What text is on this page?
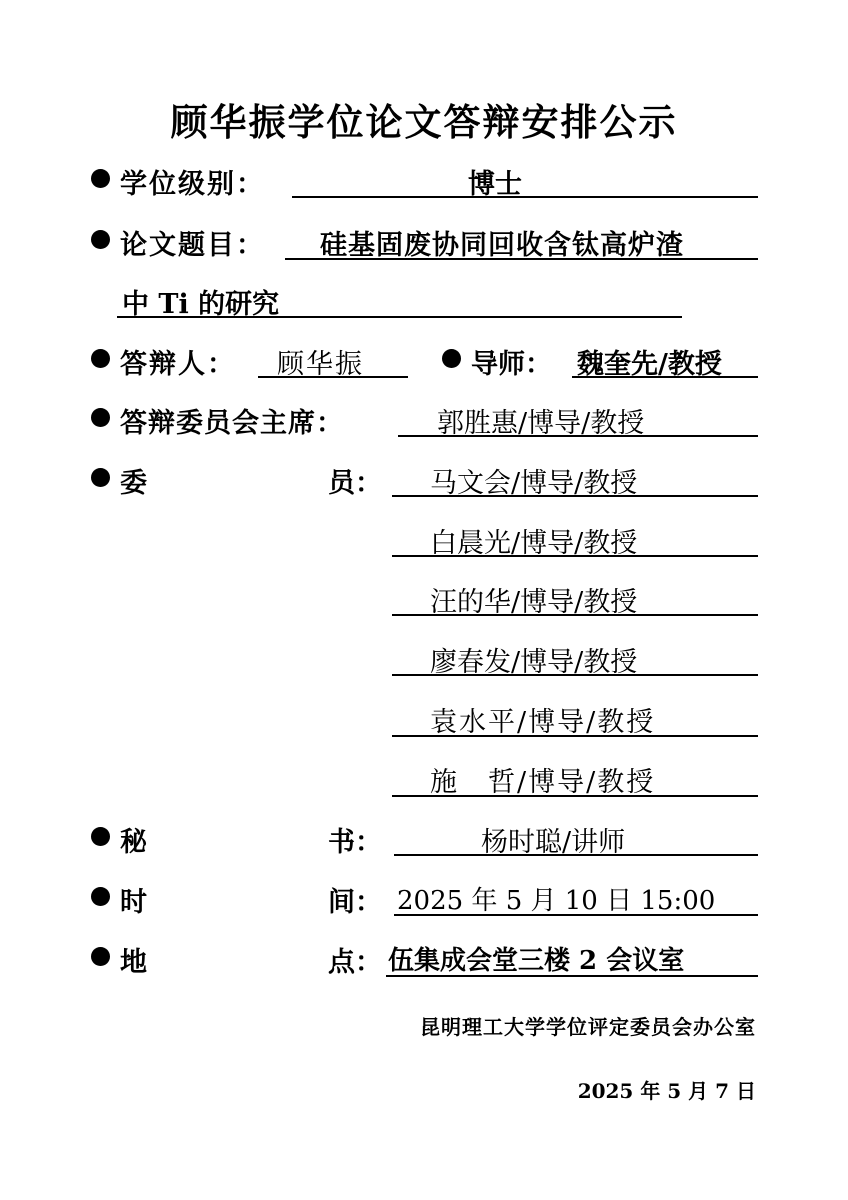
顾华振学位论文答辩安排公示
学位级别：	博士
论文题目： 硅基固废协同回收含钛高炉渣
中 Ti 的研究
答辩人： 顾华振	导师： 魏奎先/教授
答辩委员会主席：	郭胜惠/博导/教授
委	员： 马文会/博导/教授
白晨光/博导/教授
汪的华/博导/教授
廖春发/博导/教授
袁水平/博导/教授
施　哲/博导/教授
秘	书：	杨时聪/讲师
时	间： 2025 年 5 月 10 日 15:00
地	点： 伍集成会堂三楼 2 会议室
昆明理工大学学位评定委员会办公室
2025 年 5 月 7 日
